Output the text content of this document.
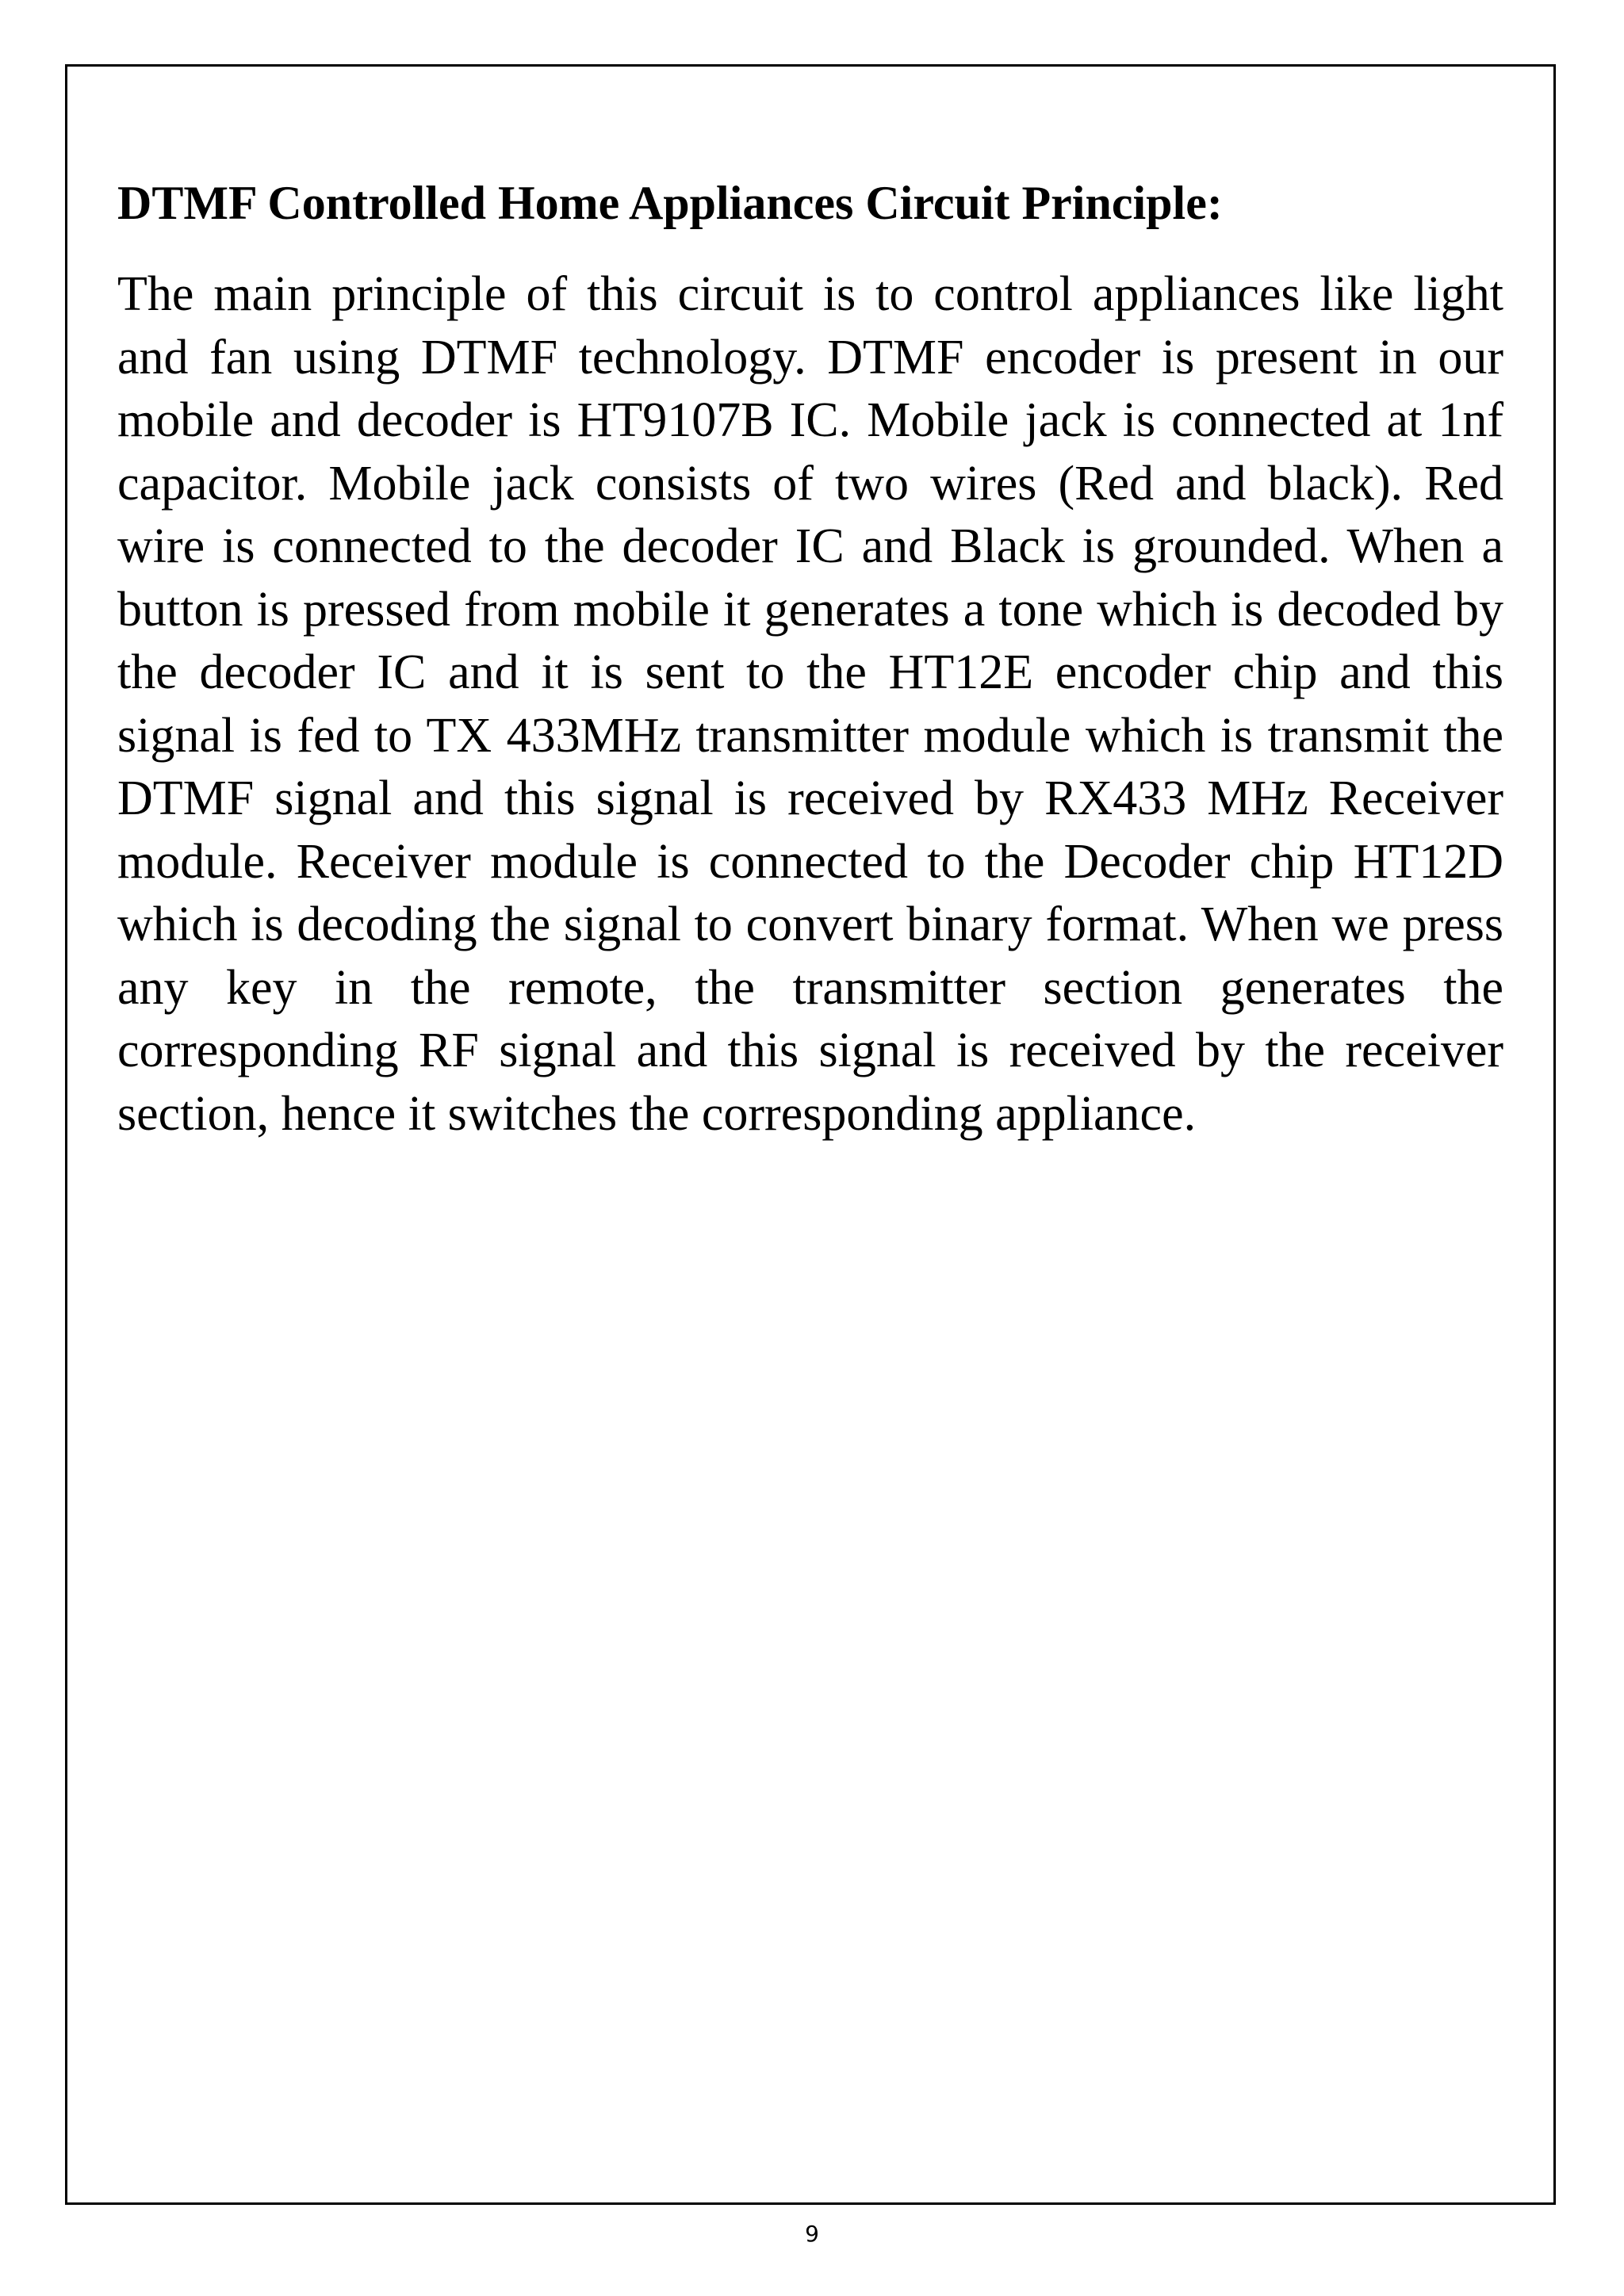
DTMF Controlled Home Appliances Circuit Principle:

The main principle of this circuit is to control appliances like light and fan using DTMF technology. DTMF encoder is present in our mobile and decoder is HT9107B IC. Mobile jack is connected at 1nf capacitor. Mobile jack consists of two wires (Red and black). Red wire is connected to the decoder IC and Black is grounded. When a button is pressed from mobile it generates a tone which is decoded by the decoder IC and it is sent to the HT12E encoder chip and this signal is fed to TX 433MHz transmitter module which is transmit the DTMF signal and this signal is received by RX433 MHz Receiver module. Receiver module is connected to the Decoder chip HT12D which is decoding the signal to convert binary format. When we press any key in the remote, the transmitter section generates the corresponding RF signal and this signal is received by the receiver section, hence it switches the corresponding appliance.

9
